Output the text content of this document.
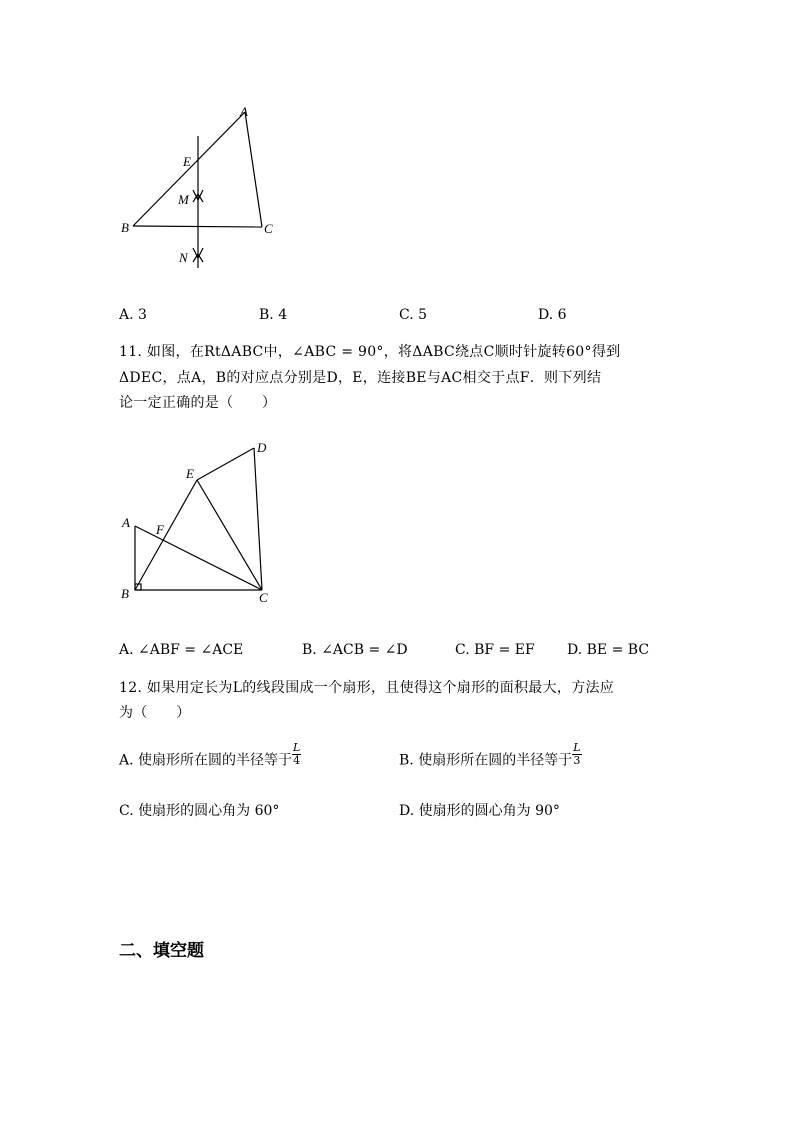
A
E
M
B	C
N
A. 3	B. 4	C. 5	D. 6
11. 如图，在RtΔABC中，∠ABC = 90°，将ΔABC绕点C顺时针旋转60°得到
ΔDEC，点A，B的对应点分别是D，E，连接BE与AC相交于点F．则下列结
论一定正确的是（　　）
D
E
A F
B	C
A. ∠ABF = ∠ACE	B. ∠ACB = ∠D	C. BF = EF D. BE = BC
12. 如果用定长为L的线段围成一个扇形，且使得这个扇形的面积最大，方法应
为（　　）
A. 使扇形所在圆的半径等于 $\frac{L}{4}$	B. 使扇形所在圆的半径等于 $\frac{L}{3}$
C. 使扇形的圆心角为 60°	D. 使扇形的圆心角为 90°
二、填空题
